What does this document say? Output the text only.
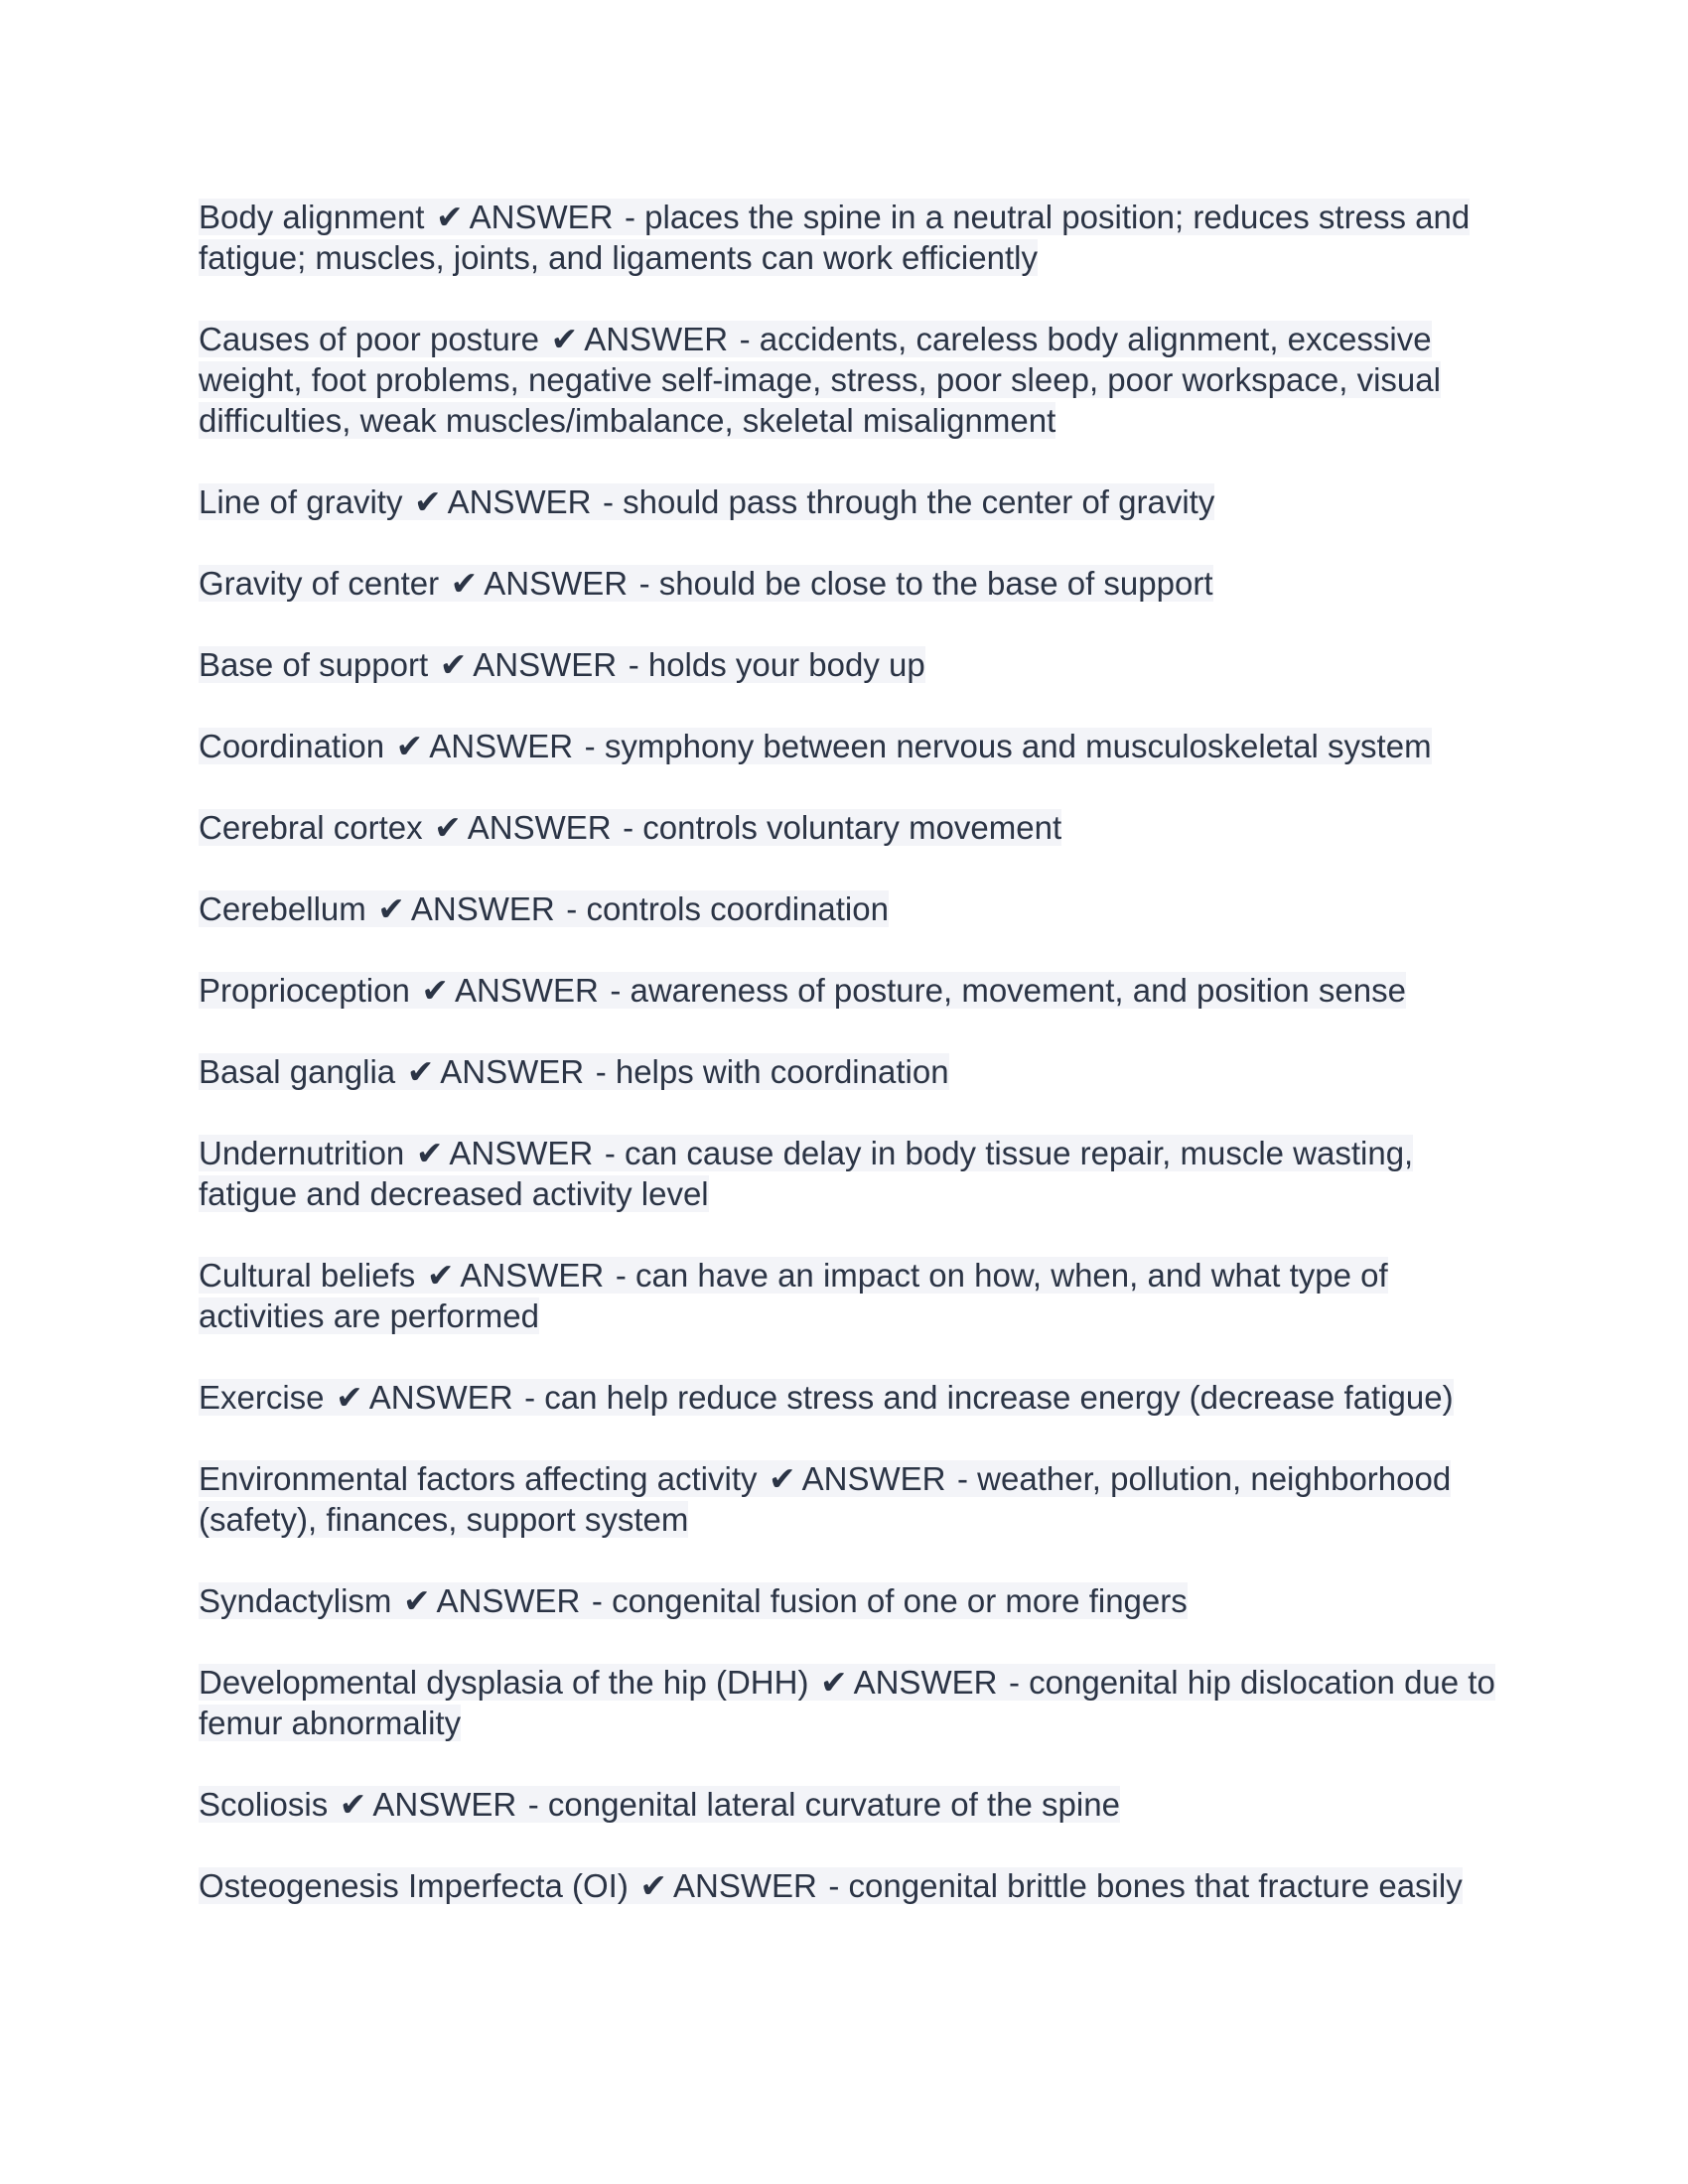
Body alignment ✔ ANSWER - places the spine in a neutral position; reduces stress and fatigue; muscles, joints, and ligaments can work efficiently

Causes of poor posture ✔ ANSWER - accidents, careless body alignment, excessive weight, foot problems, negative self-image, stress, poor sleep, poor workspace, visual difficulties, weak muscles/imbalance, skeletal misalignment

Line of gravity ✔ ANSWER - should pass through the center of gravity

Gravity of center ✔ ANSWER - should be close to the base of support

Base of support ✔ ANSWER - holds your body up

Coordination ✔ ANSWER - symphony between nervous and musculoskeletal system

Cerebral cortex ✔ ANSWER - controls voluntary movement

Cerebellum ✔ ANSWER - controls coordination

Proprioception ✔ ANSWER - awareness of posture, movement, and position sense

Basal ganglia ✔ ANSWER - helps with coordination

Undernutrition ✔ ANSWER - can cause delay in body tissue repair, muscle wasting, fatigue and decreased activity level

Cultural beliefs ✔ ANSWER - can have an impact on how, when, and what type of activities are performed

Exercise ✔ ANSWER - can help reduce stress and increase energy (decrease fatigue)

Environmental factors affecting activity ✔ ANSWER - weather, pollution, neighborhood (safety), finances, support system

Syndactylism ✔ ANSWER - congenital fusion of one or more fingers

Developmental dysplasia of the hip (DHH) ✔ ANSWER - congenital hip dislocation due to femur abnormality

Scoliosis ✔ ANSWER - congenital lateral curvature of the spine

Osteogenesis Imperfecta (OI) ✔ ANSWER - congenital brittle bones that fracture easily
